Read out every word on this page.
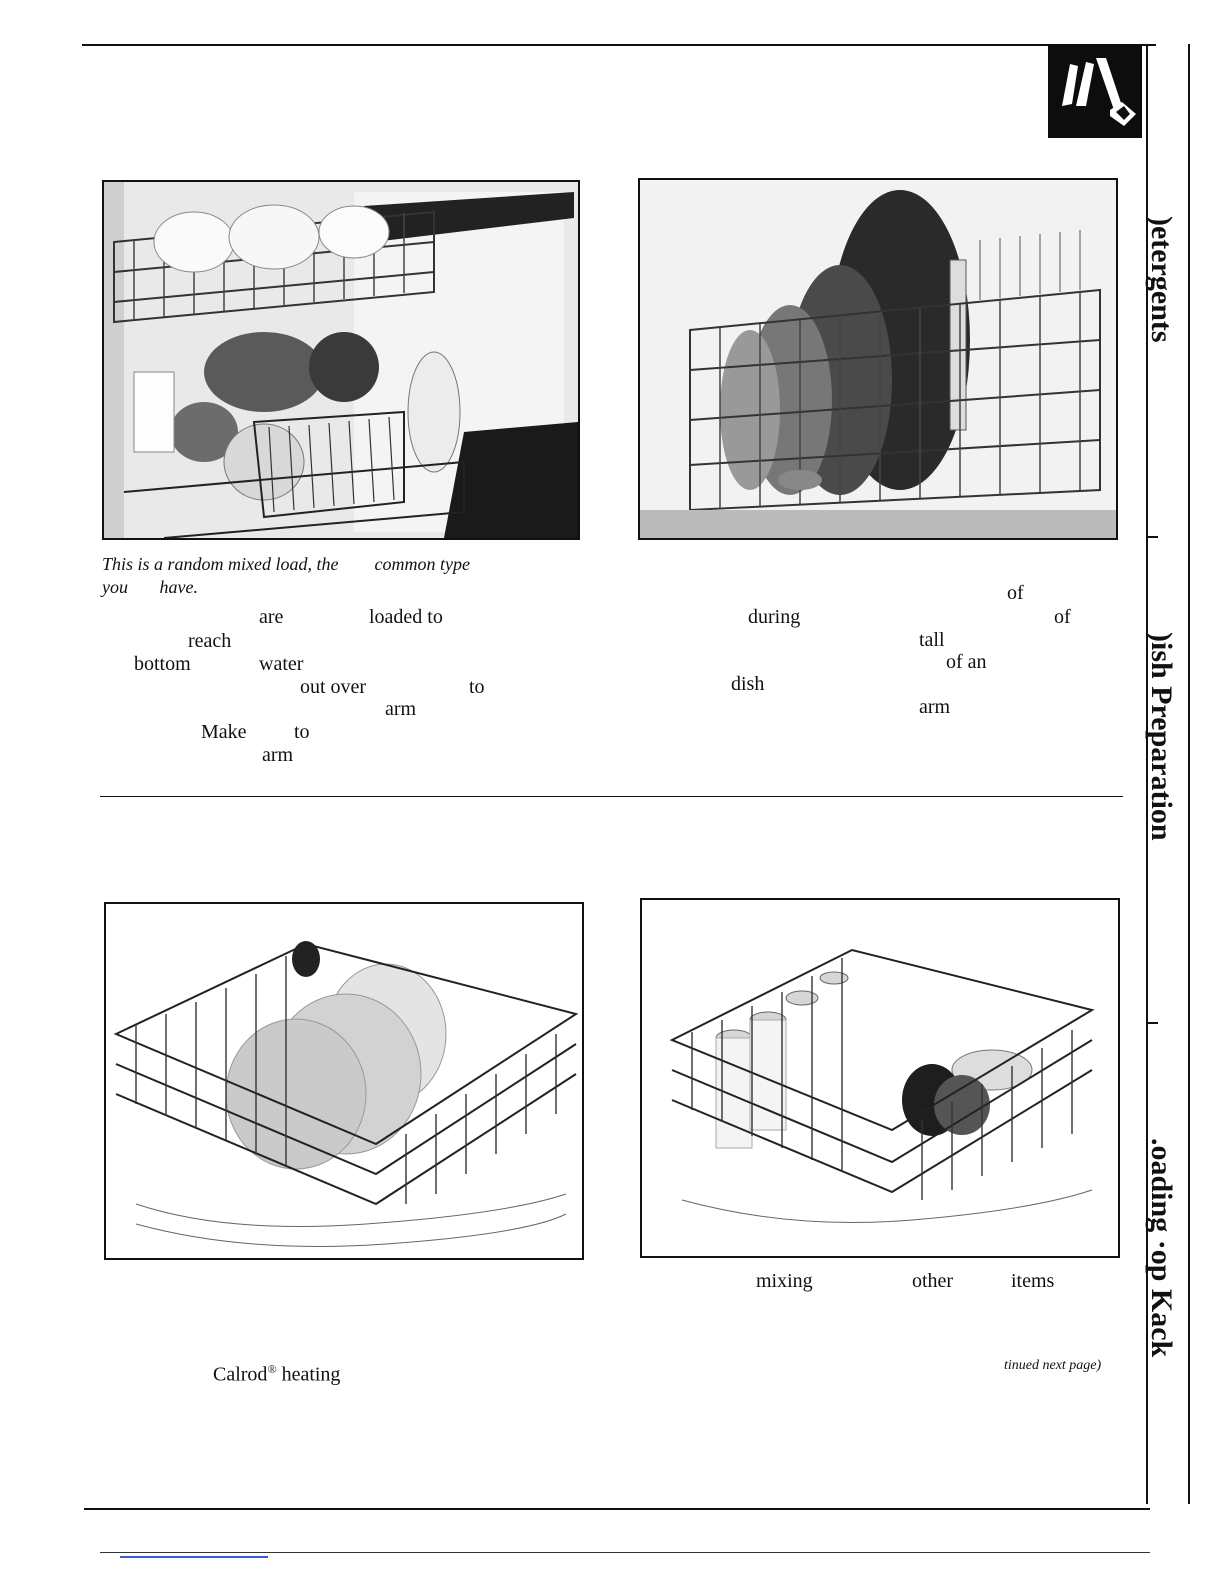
)etergents
)ish Preparation
.oading ·op Kack
This is a random mixed load, the        common type
you       have.
are	loaded to
reach
bottom	water
out over	to
arm
Make to
arm
of
during	of
tall
of an
dish
arm
Calrod® heating
mixing	other	items
tinued next page)
